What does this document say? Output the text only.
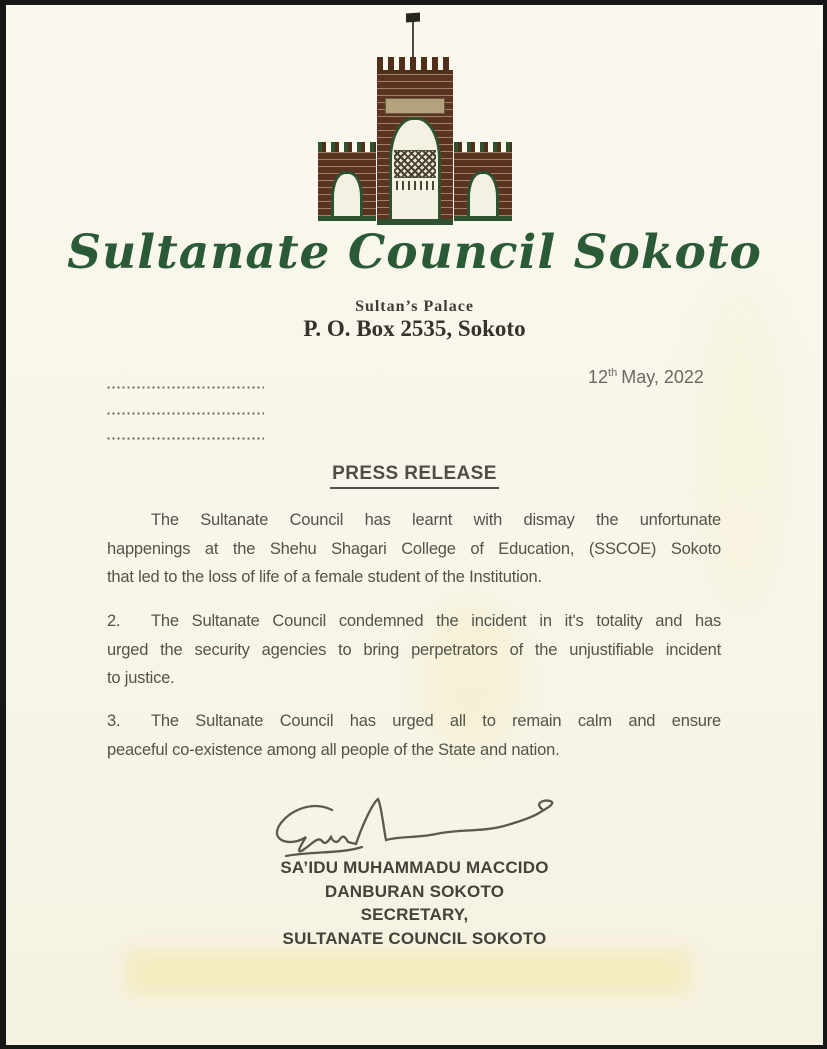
Sultanate Council Sokoto
Sultan’s Palace
P. O. Box 2535, Sokoto
12th May, 2022
PRESS RELEASE
The Sultanate Council has learnt with dismay the unfortunate
happenings at the Shehu Shagari College of Education, (SSCOE) Sokoto
that led to the loss of life of a female student of the Institution.
2. The Sultanate Council condemned the incident in it's totality and has
urged the security agencies to bring perpetrators of the unjustifiable incident
to justice.
3. The Sultanate Council has urged all to remain calm and ensure
peaceful co-existence among all people of the State and nation.
SA’IDU MUHAMMADU MACCIDO
DANBURAN SOKOTO
SECRETARY,
SULTANATE COUNCIL SOKOTO
